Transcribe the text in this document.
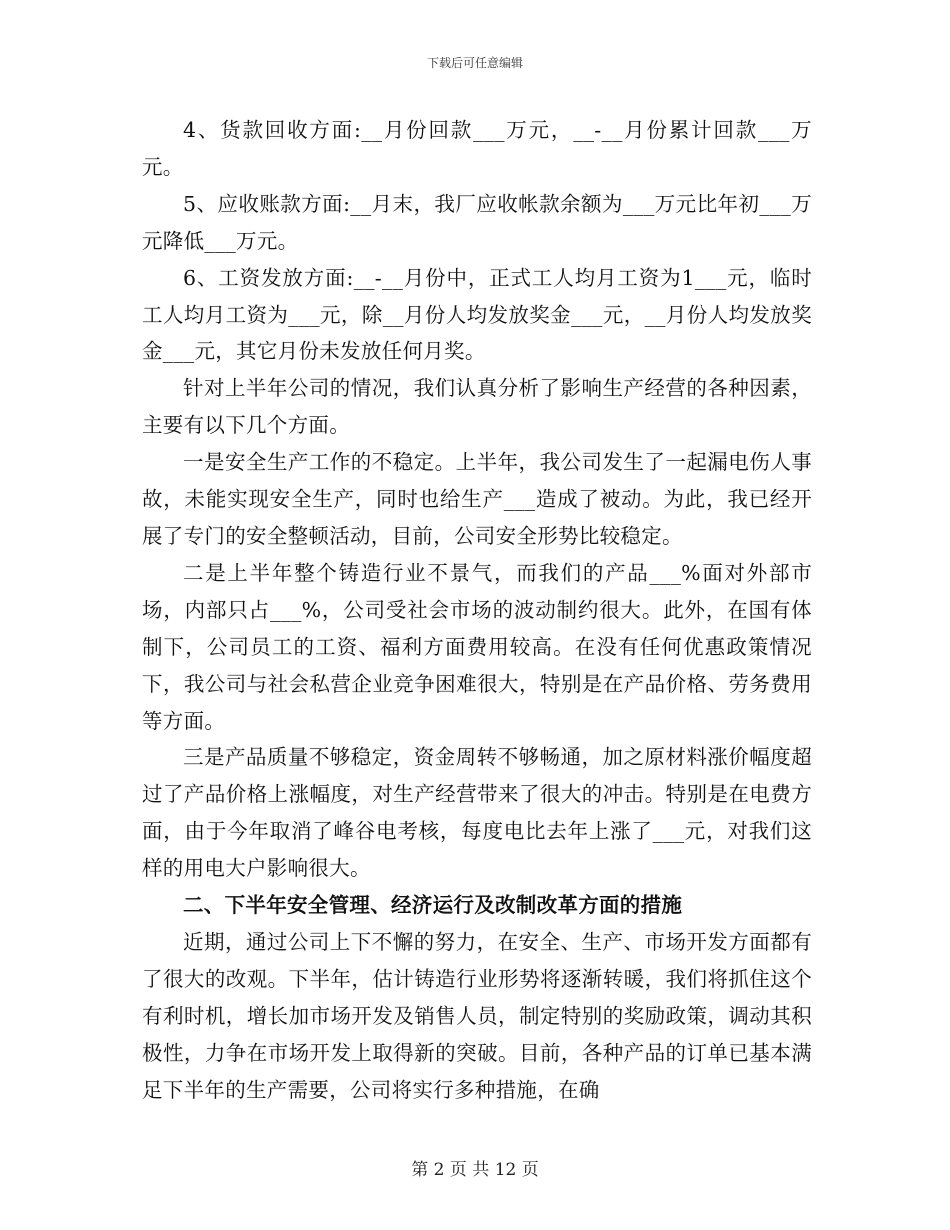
下载后可任意编辑

4、货款回收方面:__月份回款___万元，__-__月份累计回款___万元。

5、应收账款方面:__月末，我厂应收帐款余额为___万元比年初___万元降低___万元。

6、工资发放方面:__-__月份中，正式工人均月工资为1___元，临时工人均月工资为___元，除__月份人均发放奖金___元，__月份人均发放奖金___元，其它月份未发放任何月奖。

针对上半年公司的情况，我们认真分析了影响生产经营的各种因素，主要有以下几个方面。

一是安全生产工作的不稳定。上半年，我公司发生了一起漏电伤人事故，未能实现安全生产，同时也给生产___造成了被动。为此，我已经开展了专门的安全整顿活动，目前，公司安全形势比较稳定。

二是上半年整个铸造行业不景气，而我们的产品___%面对外部市场，内部只占___%，公司受社会市场的波动制约很大。此外，在国有体制下，公司员工的工资、福利方面费用较高。在没有任何优惠政策情况下，我公司与社会私营企业竞争困难很大，特别是在产品价格、劳务费用等方面。

三是产品质量不够稳定，资金周转不够畅通，加之原材料涨价幅度超过了产品价格上涨幅度，对生产经营带来了很大的冲击。特别是在电费方面，由于今年取消了峰谷电考核，每度电比去年上涨了___元，对我们这样的用电大户影响很大。

二、下半年安全管理、经济运行及改制改革方面的措施

近期，通过公司上下不懈的努力，在安全、生产、市场开发方面都有了很大的改观。下半年，估计铸造行业形势将逐渐转暖，我们将抓住这个有利时机，增长加市场开发及销售人员，制定特别的奖励政策，调动其积极性，力争在市场开发上取得新的突破。目前，各种产品的订单已基本满足下半年的生产需要，公司将实行多种措施，在确

第 2 页 共 12 页
